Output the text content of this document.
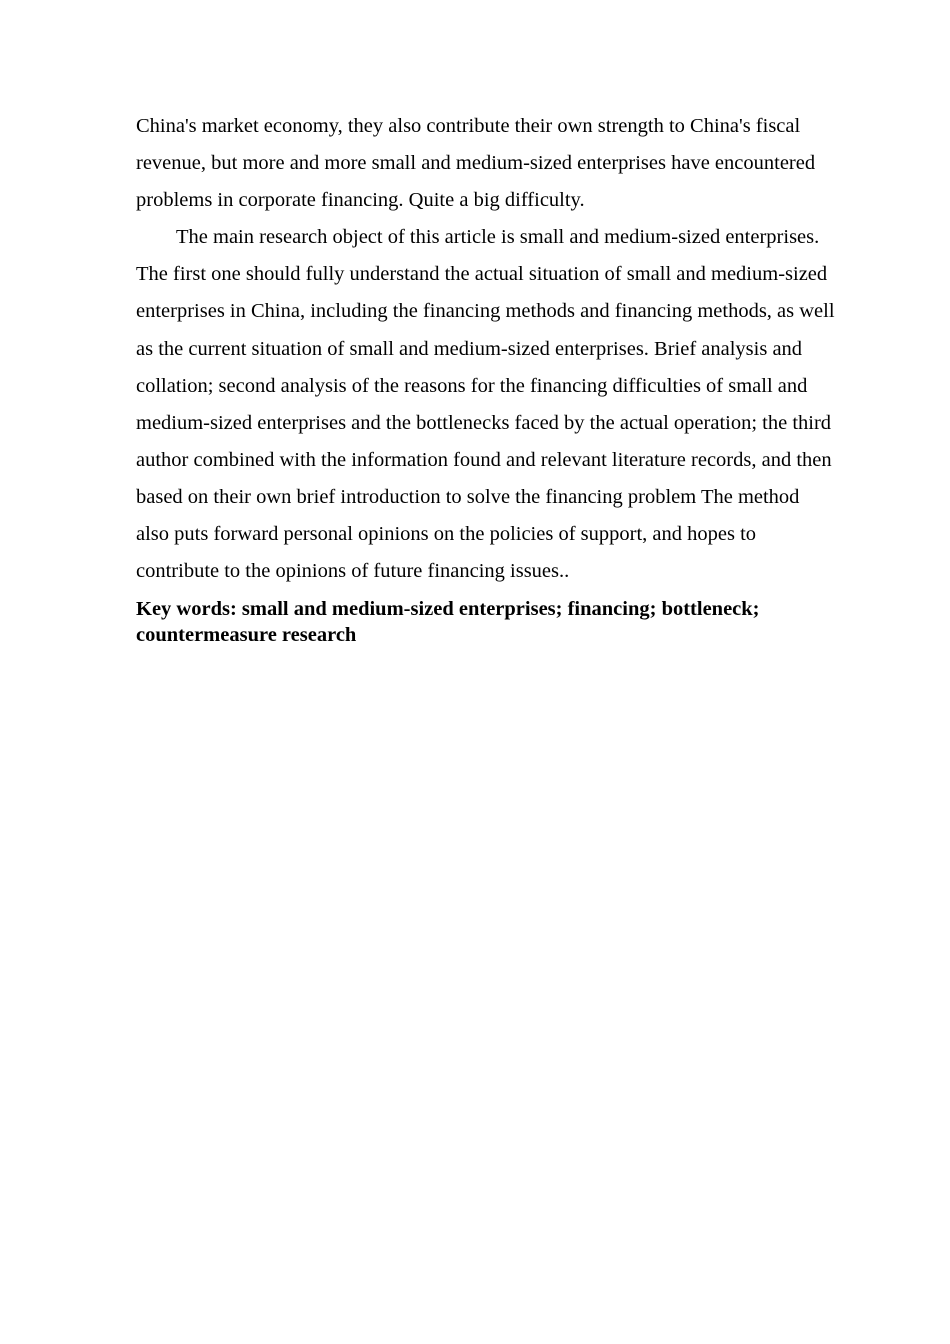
China's market economy, they also contribute their own strength to China's fiscal revenue, but more and more small and medium-sized enterprises have encountered problems in corporate financing. Quite a big difficulty.

The main research object of this article is small and medium-sized enterprises. The first one should fully understand the actual situation of small and medium-sized enterprises in China, including the financing methods and financing methods, as well as the current situation of small and medium-sized enterprises. Brief analysis and collation; second analysis of the reasons for the financing difficulties of small and medium-sized enterprises and the bottlenecks faced by the actual operation; the third author combined with the information found and relevant literature records, and then based on their own brief introduction to solve the financing problem The method also puts forward personal opinions on the policies of support, and hopes to contribute to the opinions of future financing issues..

Key words: small and medium-sized enterprises; financing; bottleneck; countermeasure research
